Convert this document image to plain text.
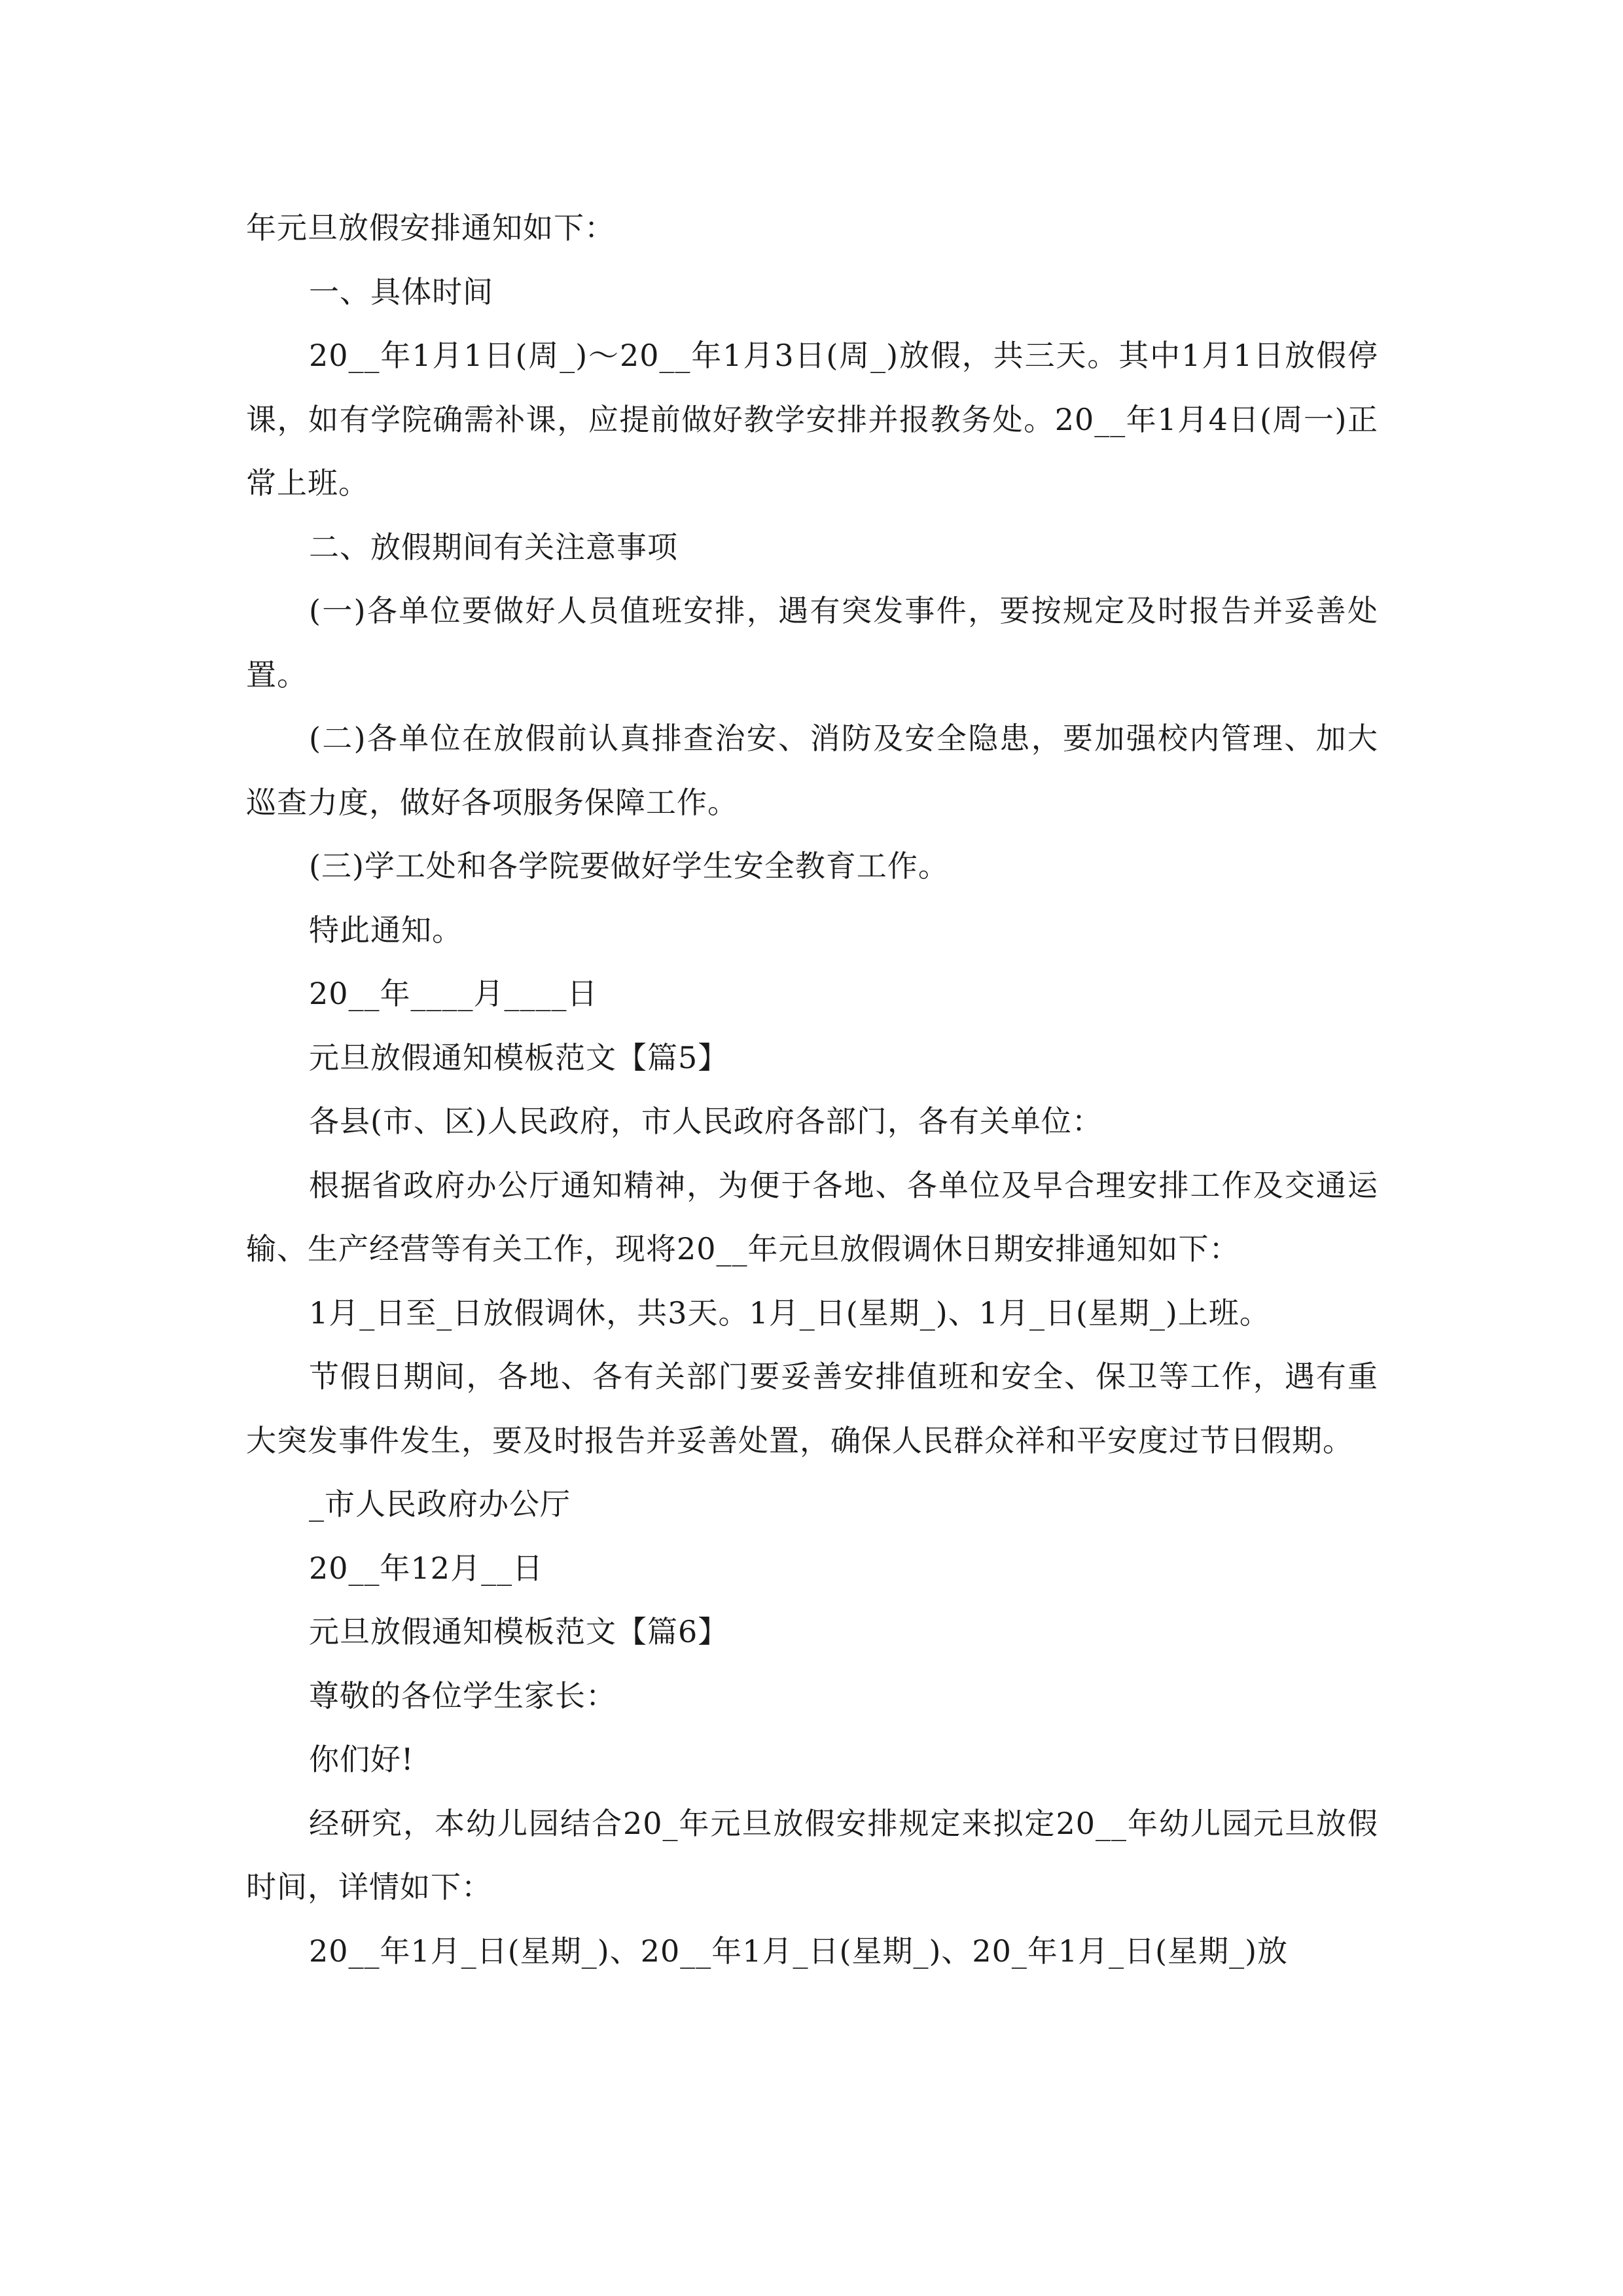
年元旦放假安排通知如下：

一、具体时间

20__年1月1日(周_)～20__年1月3日(周_)放假，共三天。其中1月1日放假停课，如有学院确需补课，应提前做好教学安排并报教务处。20__年1月4日(周一)正常上班。

二、放假期间有关注意事项

(一)各单位要做好人员值班安排，遇有突发事件，要按规定及时报告并妥善处置。

(二)各单位在放假前认真排查治安、消防及安全隐患，要加强校内管理、加大巡查力度，做好各项服务保障工作。

(三)学工处和各学院要做好学生安全教育工作。

特此通知。

20__年____月____日

元旦放假通知模板范文【篇5】

各县(市、区)人民政府，市人民政府各部门，各有关单位：

根据省政府办公厅通知精神，为便于各地、各单位及早合理安排工作及交通运输、生产经营等有关工作，现将20__年元旦放假调休日期安排通知如下：

1月_日至_日放假调休，共3天。1月_日(星期_)、1月_日(星期_)上班。

节假日期间，各地、各有关部门要妥善安排值班和安全、保卫等工作，遇有重大突发事件发生，要及时报告并妥善处置，确保人民群众祥和平安度过节日假期。

_市人民政府办公厅

20__年12月__日

元旦放假通知模板范文【篇6】

尊敬的各位学生家长：

你们好!

经研究，本幼儿园结合20_年元旦放假安排规定来拟定20__年幼儿园元旦放假时间，详情如下：

20__年1月_日(星期_)、20__年1月_日(星期_)、20_年1月_日(星期_)放
